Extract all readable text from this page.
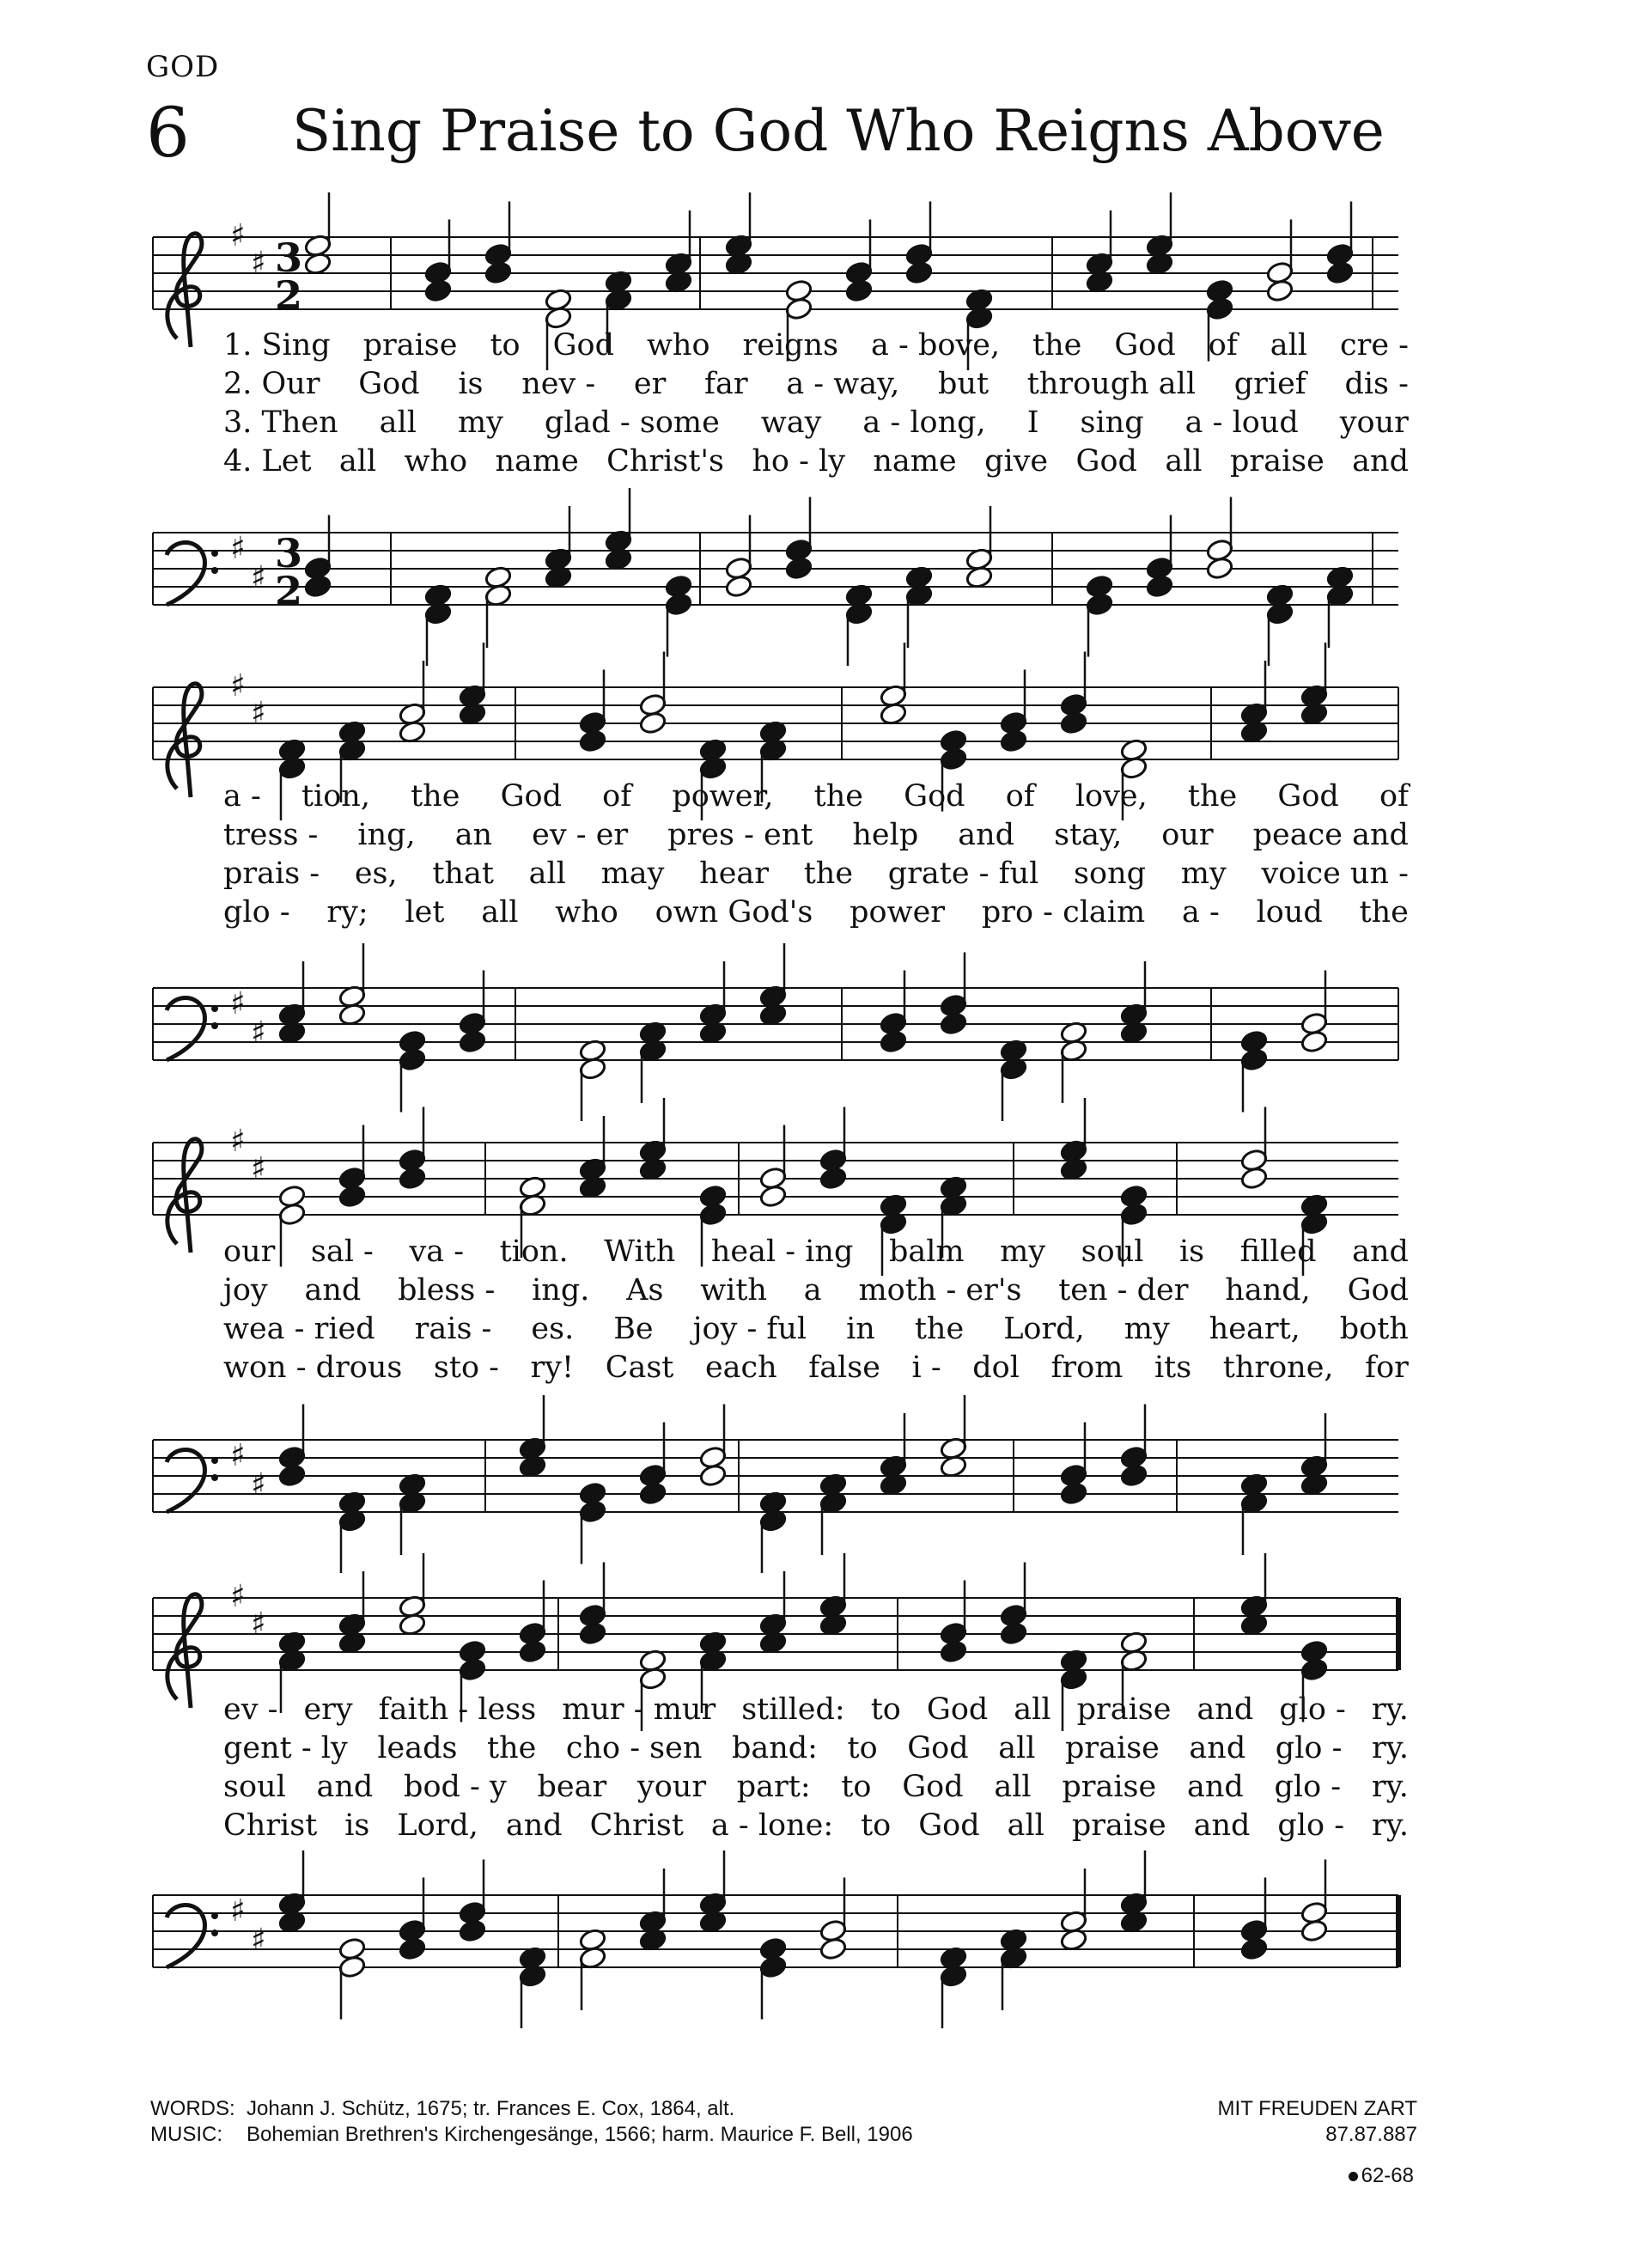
GOD
6 Sing Praise to God Who Reigns Above
♯
♯ 3
2
1. Sing praise to God who reigns a - bove, the God of all cre -
2. Our God is nev - er far a - way, but through all grief dis -
3. Then all my glad - some way a - long, I sing a - loud your
4. Let all who name Christ's ho - ly name give God all praise and
♯
♯
3
2
♯
♯
a - tion, the God of power, the God of love, the God of
tress - ing, an ev - er pres - ent help and stay, our peace and
prais - es, that all may hear the grate - ful song my voice un -
glo - ry; let all who own God's power pro - claim a - loud the
♯
♯
♯
♯
our sal - va - tion. With heal - ing balm my soul is filled and
joy and bless - ing. As with a moth - er's ten - der hand, God
wea - ried rais - es. Be joy - ful in the Lord, my heart, both
won - drous sto - ry! Cast each false i - dol from its throne, for
♯
♯
♯
♯
ev - ery faith - less mur - mur stilled: to God all praise and glo - ry.
gent - ly leads the cho - sen band: to God all praise and glo - ry.
soul and bod - y bear your part: to God all praise and glo - ry.
Christ is Lord, and Christ a - lone: to God all praise and glo - ry.
♯
♯
WORDS: Johann J. Schütz, 1675; tr. Frances E. Cox, 1864, alt.
MUSIC: Bohemian Brethren's Kirchengesänge, 1566; harm. Maurice F. Bell, 1906
MIT FREUDEN ZART
87.87.887
62-68
